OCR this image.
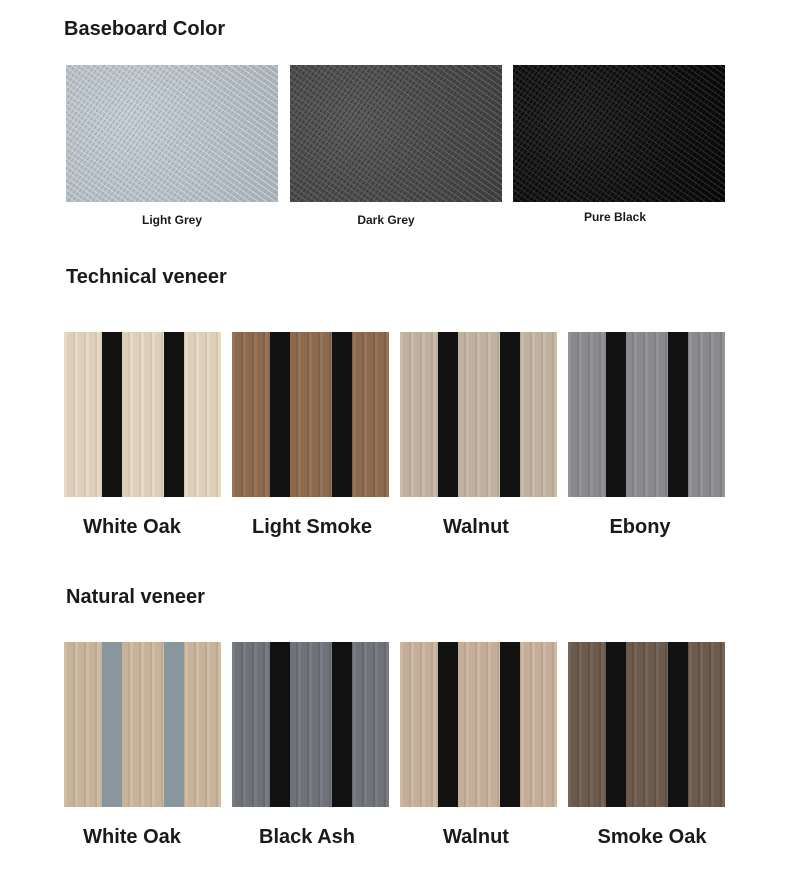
Baseboard Color
Light Grey	Dark Grey	Pure Black
Technical veneer
White Oak	Light Smoke	Walnut	Ebony
Natural veneer
White Oak	Black Ash	Walnut	Smoke Oak
